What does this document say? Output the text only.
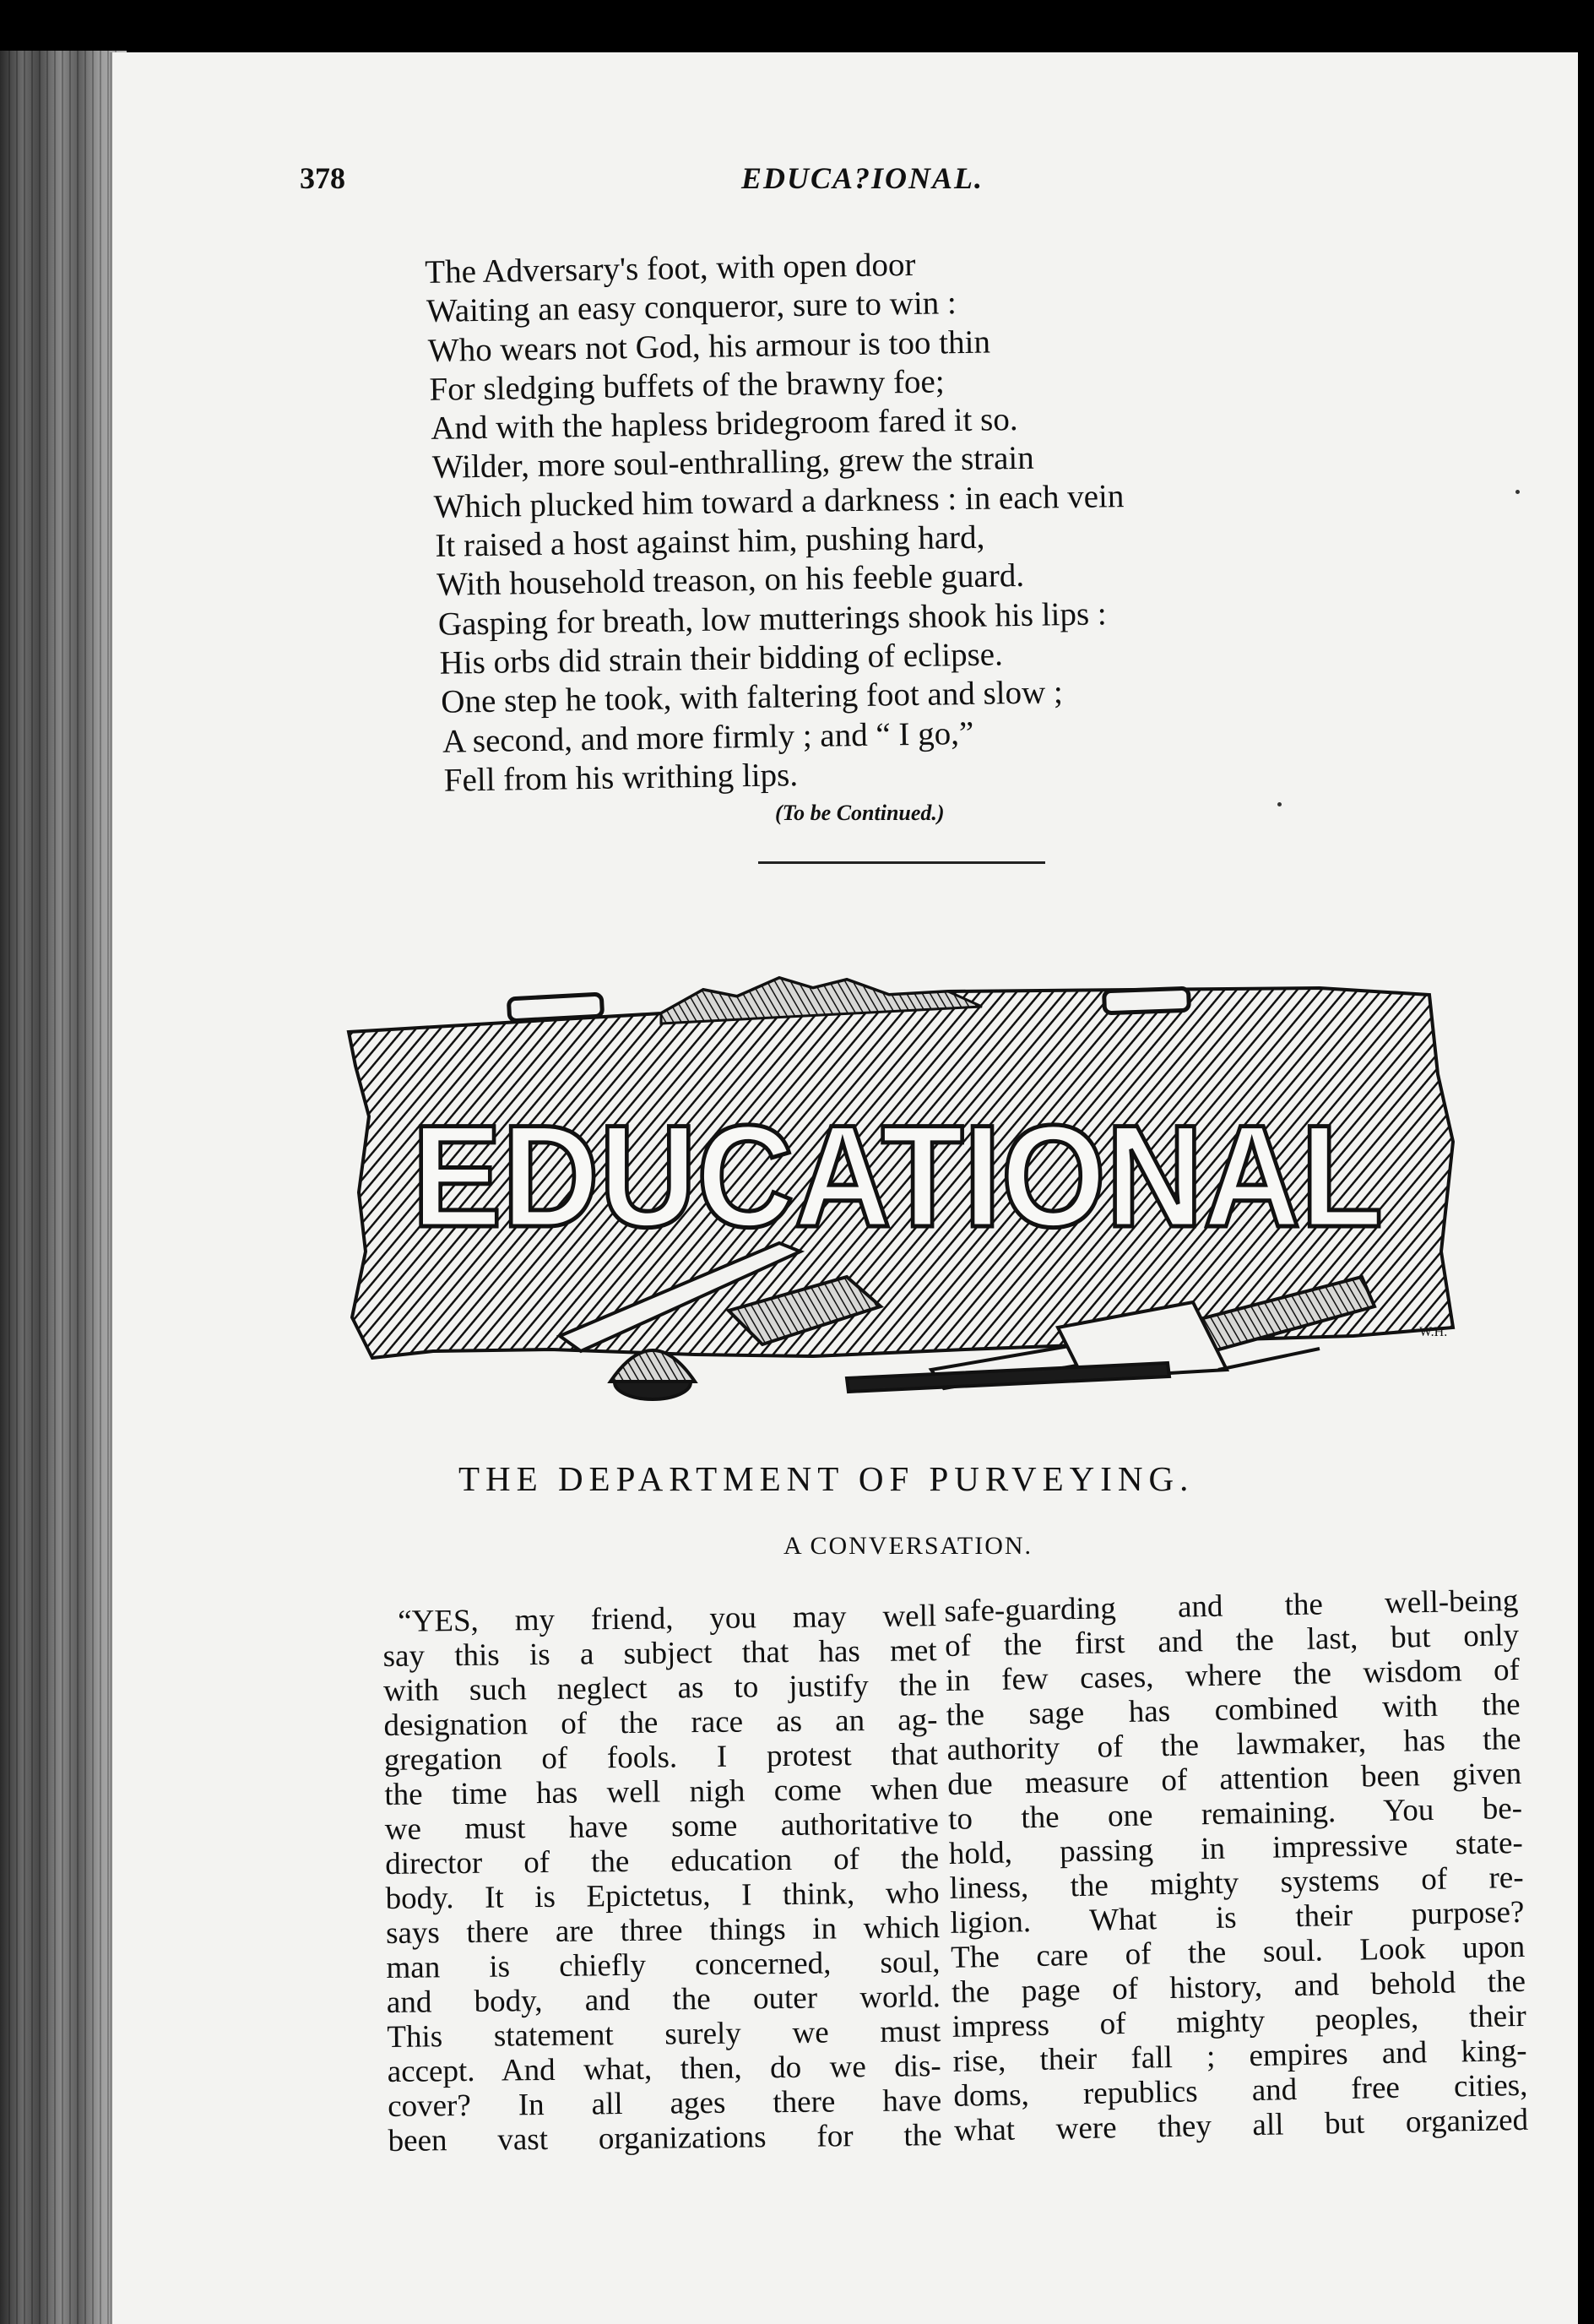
378	EDUCA?IONAL.
The Adversary's foot, with open door
Waiting an easy conqueror, sure to win :
Who wears not God, his armour is too thin
For sledging buffets of the brawny foe;
And with the hapless bridegroom fared it so.
Wilder, more soul-enthralling, grew the strain
Which plucked him toward a darkness : in each vein
It raised a host against him, pushing hard,
With household treason, on his feeble guard.
Gasping for breath, low mutterings shook his lips :
His orbs did strain their bidding of eclipse.
One step he took, with faltering foot and slow ;
A second, and more firmly ; and “ I go,”
Fell from his writhing lips.
(To be Continued.)
EDUCATIONAL
W.H.
THE DEPARTMENT OF PURVEYING.
A CONVERSATION.
“YES, my friend, you may well
say this is a subject that has met
with such neglect as to justify the
designation of the race as an ag-
gregation of fools. I protest that
the time has well nigh come when
we must have some authoritative
director of the education of the
body. It is Epictetus, I think, who
says there are three things in which
man is chiefly concerned, soul,
and body, and the outer world.
This statement surely we must
accept. And what, then, do we dis-
cover? In all ages there have
been vast organizations for the
safe-guarding and the well-being
of the first and the last, but only
in few cases, where the wisdom of
the sage has combined with the
authority of the lawmaker, has the
due measure of attention been given
to the one remaining. You be-
hold, passing in impressive state-
liness, the mighty systems of re-
ligion. What is their purpose?
The care of the soul. Look upon
the page of history, and behold the
impress of mighty peoples, their
rise, their fall ; empires and king-
doms, republics and free cities,
what were they all but organized
